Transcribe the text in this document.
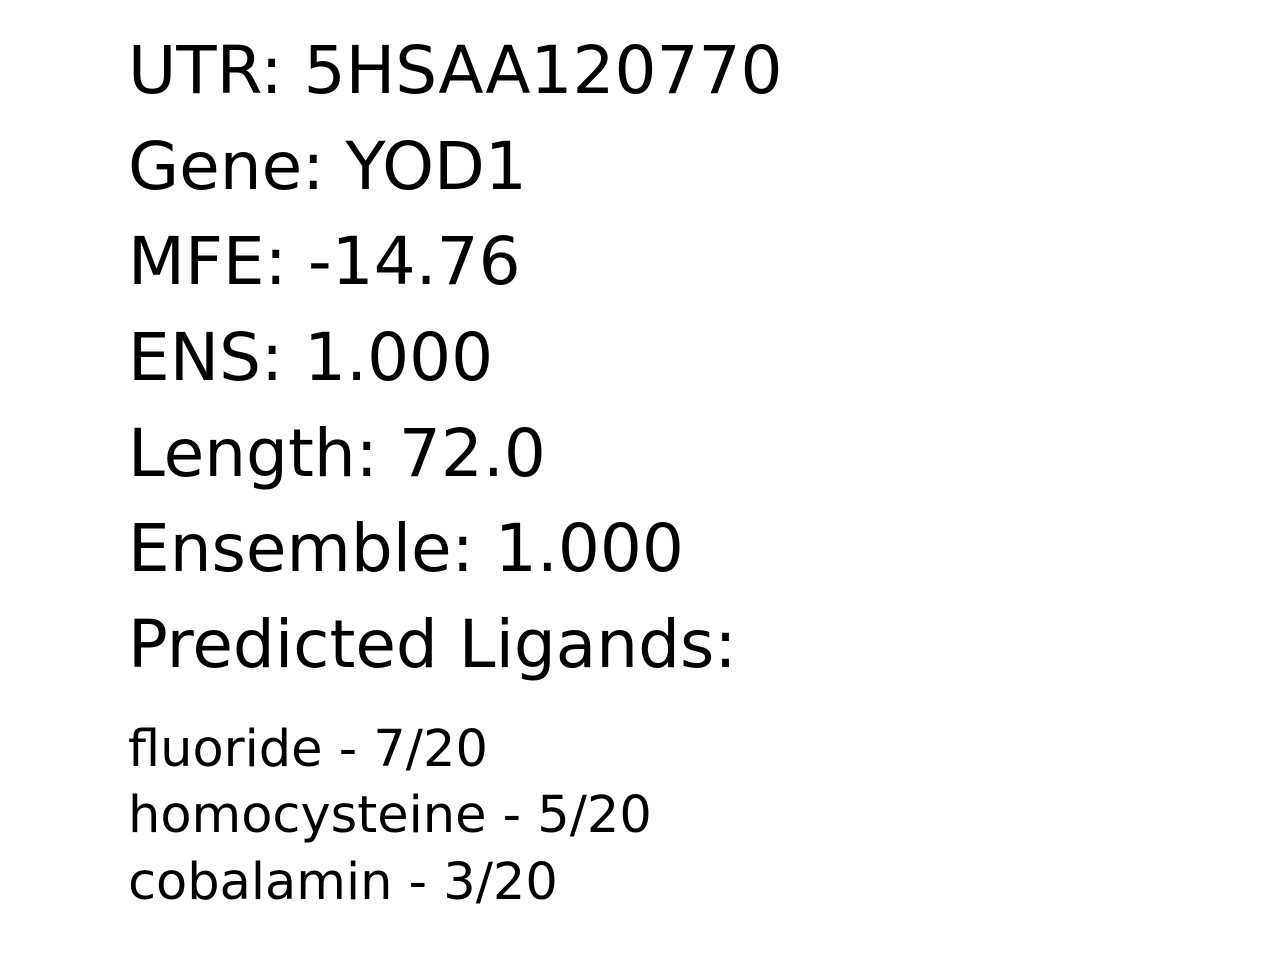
UTR: 5HSAA120770
Gene: YOD1
MFE: -14.76
ENS: 1.000
Length: 72.0
Ensemble: 1.000
Predicted Ligands:
fluoride - 7/20
homocysteine - 5/20
cobalamin - 3/20
